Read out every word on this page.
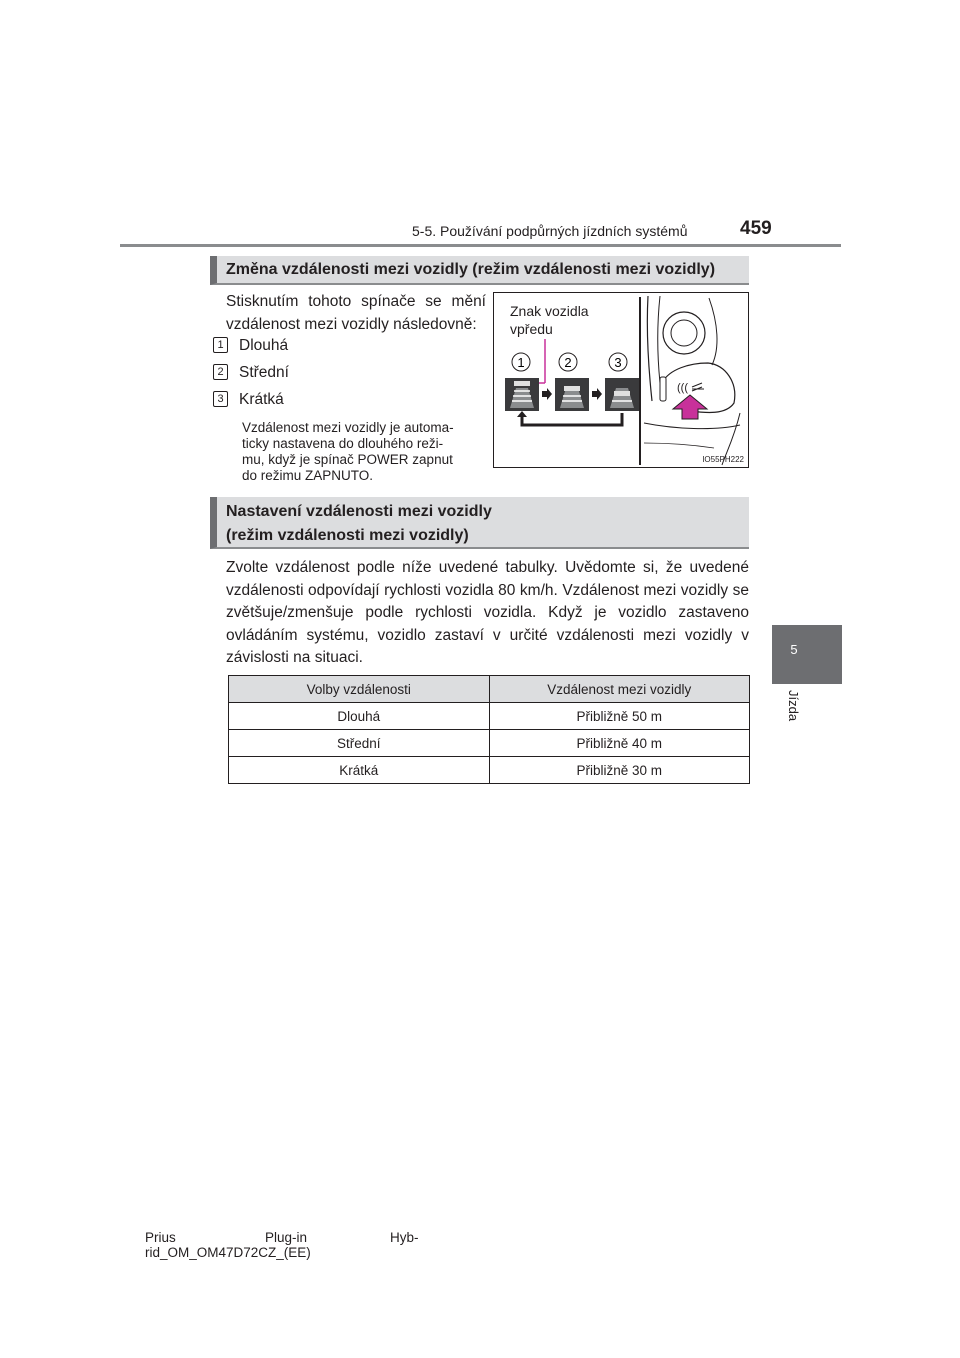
5-5. Používání podpůrných jízdních systémů	459
5
Jízda
Změna vzdálenosti mezi vozidly (režim vzdálenosti mezi vozidly)
Stisknutím tohoto spínače se mění
vzdálenost mezi vozidly následovně:
1 Dlouhá
2 Střední
3 Krátká
Vzdálenost mezi vozidly je automa-
ticky nastavena do dlouhého reži-
mu, když je spínač POWER zapnut
do režimu ZAPNUTO.
Znak vozidla
vpředu
1	2	3
(((
IO55PH222
Nastavení vzdálenosti mezi vozidly
(režim vzdálenosti mezi vozidly)
Zvolte vzdálenost podle níže uvedené tabulky. Uvědomte si, že uvedené vzdálenosti odpovídají rychlosti vozidla 80 km/h. Vzdálenost mezi vozidly se zvětšuje/zmenšuje podle rychlosti vozidla. Když je vozidlo zastaveno ovládáním systému, vozidlo zastaví v určité vzdálenosti mezi vozidly v závislosti na situaci.
Volby vzdálenosti	Vzdálenost mezi vozidly
Dlouhá	Přibližně 50 m
Střední	Přibližně 40 m
Krátká	Přibližně 30 m
Prius	Plug-in	Hyb-
rid_OM_OM47D72CZ_(EE)
